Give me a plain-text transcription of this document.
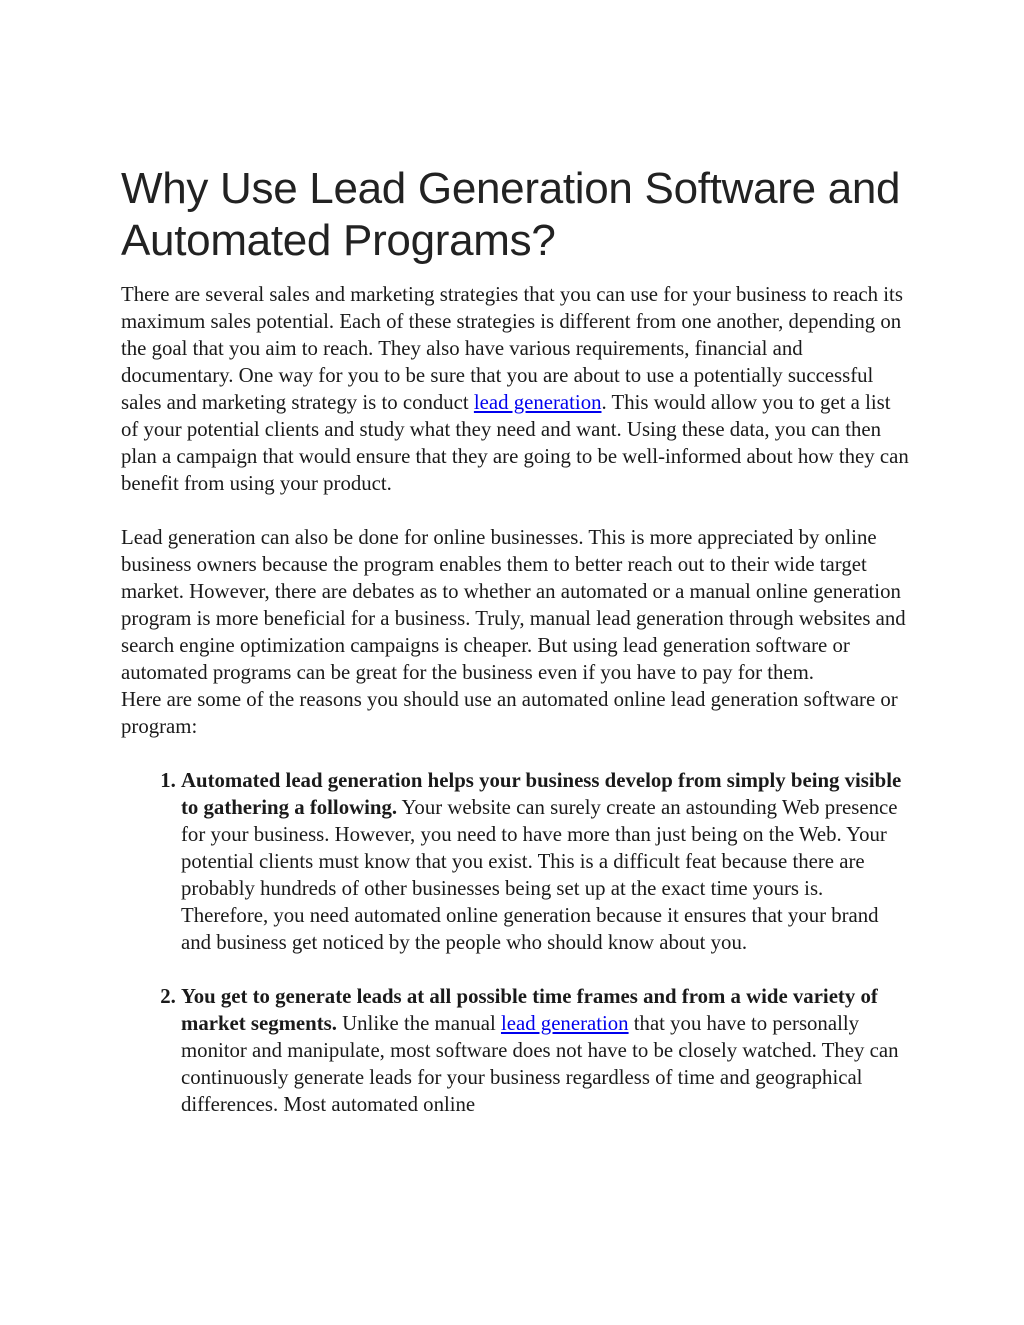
Why Use Lead Generation Software and Automated Programs?

There are several sales and marketing strategies that you can use for your business to reach its maximum sales potential. Each of these strategies is different from one another, depending on the goal that you aim to reach. They also have various requirements, financial and documentary. One way for you to be sure that you are about to use a potentially successful sales and marketing strategy is to conduct lead generation. This would allow you to get a list of your potential clients and study what they need and want. Using these data, you can then plan a campaign that would ensure that they are going to be well-informed about how they can benefit from using your product.

Lead generation can also be done for online businesses. This is more appreciated by online business owners because the program enables them to better reach out to their wide target market. However, there are debates as to whether an automated or a manual online generation program is more beneficial for a business. Truly, manual lead generation through websites and search engine optimization campaigns is cheaper. But using lead generation software or automated programs can be great for the business even if you have to pay for them.

Here are some of the reasons you should use an automated online lead generation software or program:

1. Automated lead generation helps your business develop from simply being visible to gathering a following. Your website can surely create an astounding Web presence for your business. However, you need to have more than just being on the Web. Your potential clients must know that you exist. This is a difficult feat because there are probably hundreds of other businesses being set up at the exact time yours is. Therefore, you need automated online generation because it ensures that your brand and business get noticed by the people who should know about you.
2. You get to generate leads at all possible time frames and from a wide variety of market segments. Unlike the manual lead generation that you have to personally monitor and manipulate, most software does not have to be closely watched. They can continuously generate leads for your business regardless of time and geographical differences. Most automated online
